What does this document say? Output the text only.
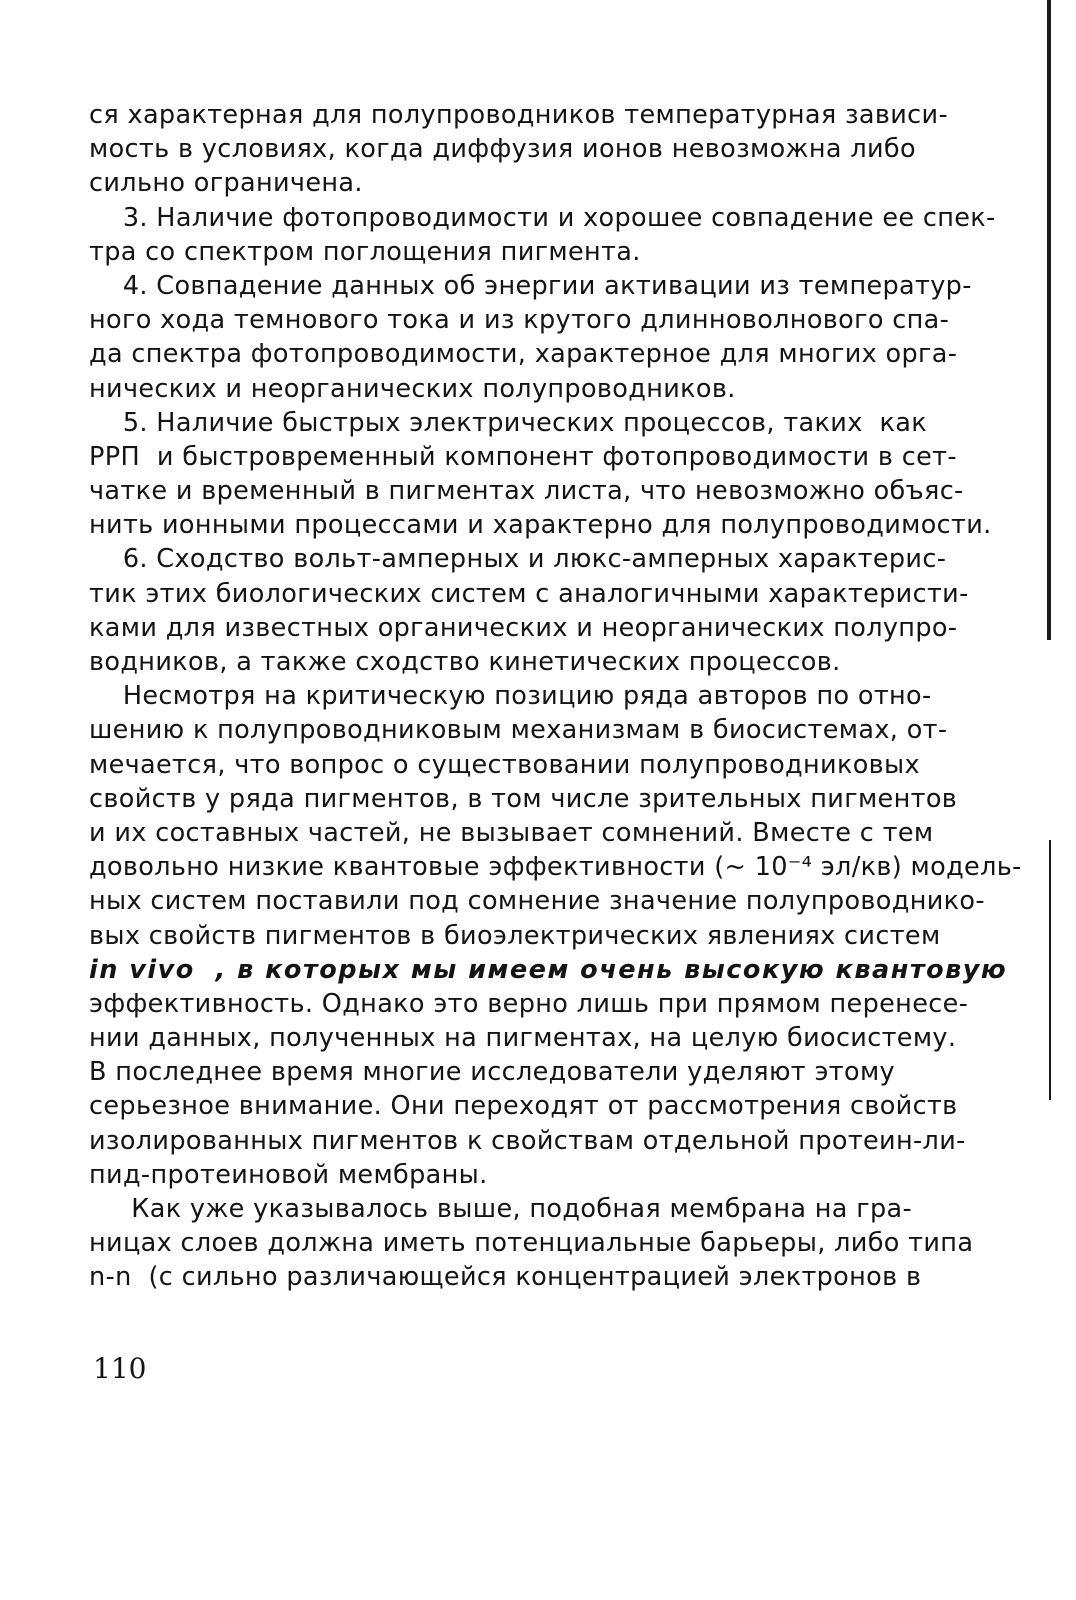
ся характерная для полупроводников температурная зависи-
мость в условиях, когда диффузия ионов невозможна либо
сильно ограничена.
3. Наличие фотопроводимости и хорошее совпадение ее спек-
тра со спектром поглощения пигмента.
4. Совпадение данных об энергии активации из температур-
ного хода темнового тока и из крутого длинноволнового спа-
да спектра фотопроводимости, характерное для многих орга-
нических и неорганических полупроводников.
5. Наличие быстрых электрических процессов, таких  как
РРП  и быстровременный компонент фотопроводимости в сет-
чатке и временный в пигментах листа, что невозможно объяс-
нить ионными процессами и характерно для полупроводимости.
6. Сходство вольт-амперных и люкс-амперных характерис-
тик этих биологических систем с аналогичными характеристи-
ками для известных органических и неорганических полупро-
водников, а также сходство кинетических процессов.
Несмотря на критическую позицию ряда авторов по отно-
шению к полупроводниковым механизмам в биосистемах, от-
мечается, что вопрос о существовании полупроводниковых
свойств у ряда пигментов, в том числе зрительных пигментов
и их составных частей, не вызывает сомнений. Вместе с тем
довольно низкие квантовые эффективности (~ 10⁻⁴ эл/кв) модель-
ных систем поставили под сомнение значение полупроводнико-
вых свойств пигментов в биоэлектрических явлениях систем
in vivo  , в которых мы имеем очень высокую квантовую
эффективность. Однако это верно лишь при прямом перенесе-
нии данных, полученных на пигментах, на целую биосистему.
В последнее время многие исследователи уделяют этому
серьезное внимание. Они переходят от рассмотрения свойств
изолированных пигментов к свойствам отдельной протеин-ли-
пид-протеиновой мембраны.
Как уже указывалось выше, подобная мембрана на гра-
ницах слоев должна иметь потенциальные барьеры, либо типа
n-n  (с сильно различающейся концентрацией электронов в
110
